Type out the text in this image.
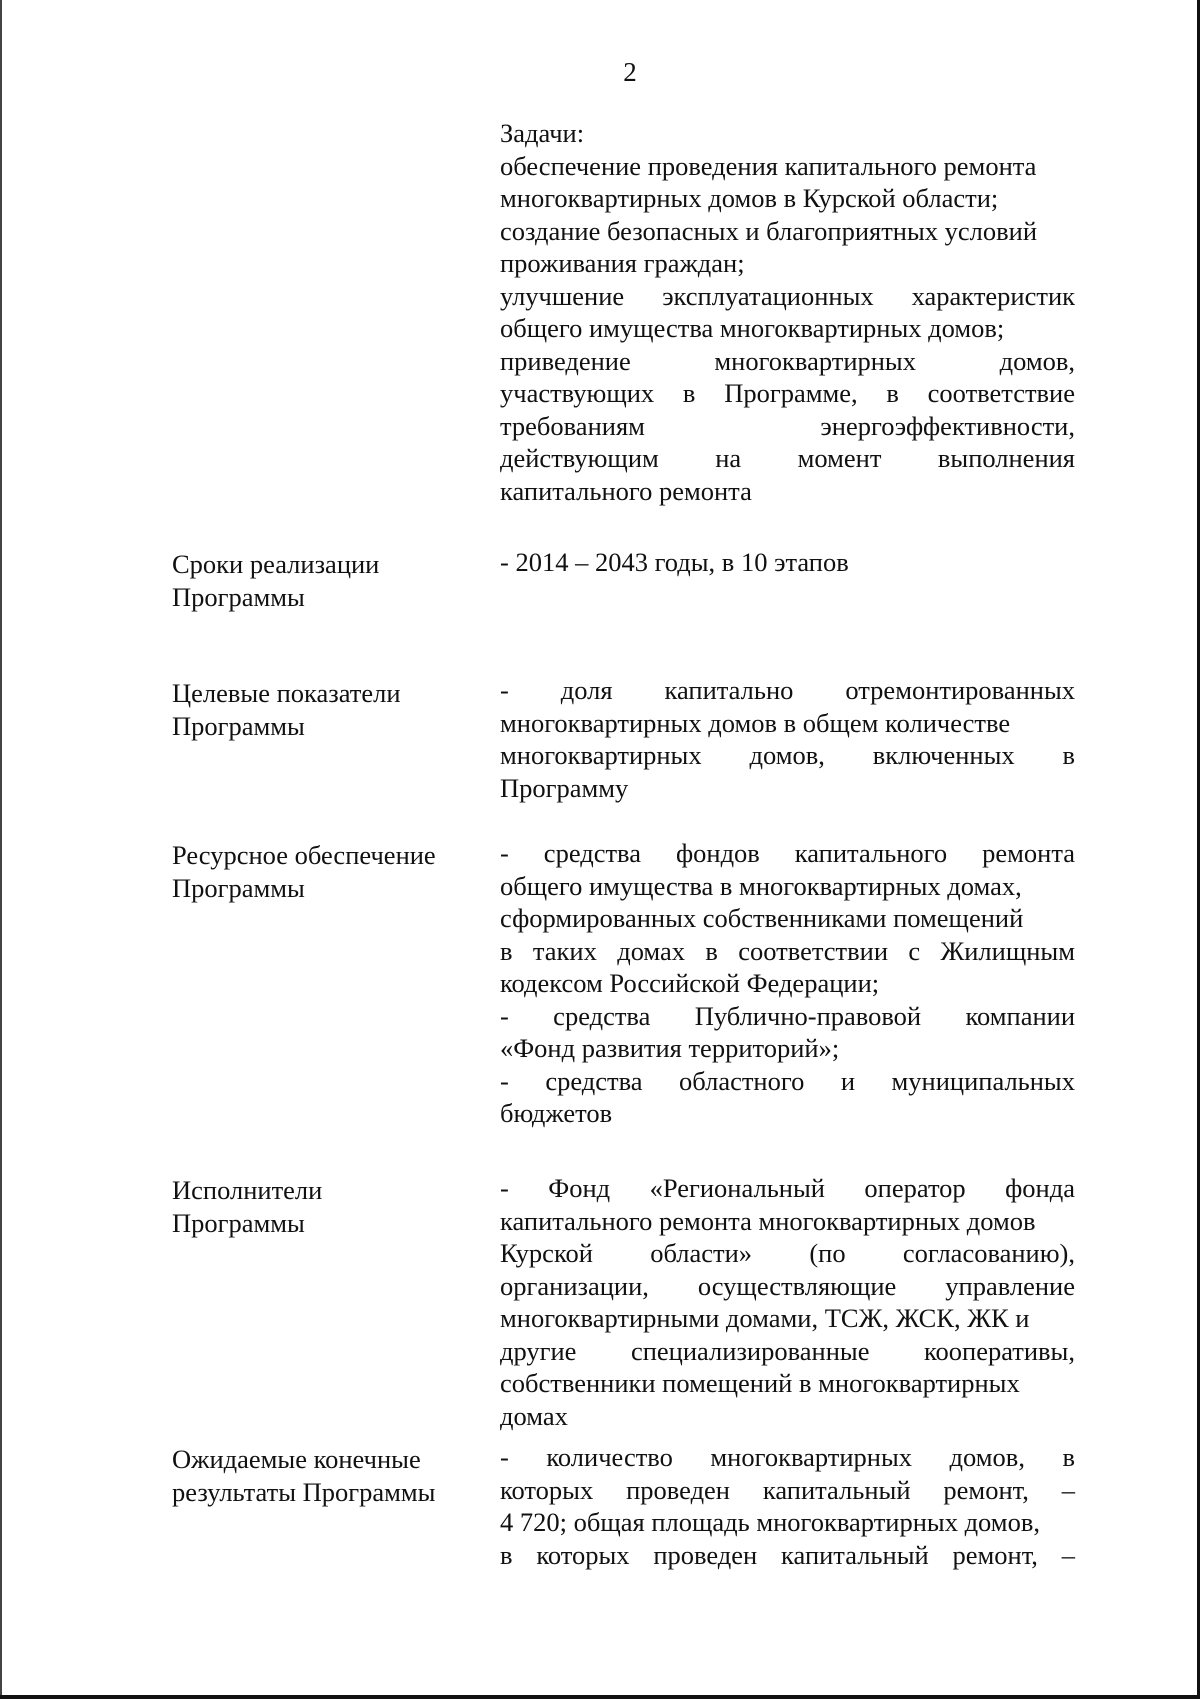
2
Задачи:
обеспечение проведения капитального ремонта
многоквартирных домов в Курской области;
создание безопасных и благоприятных условий
проживания граждан;
улучшение эксплуатационных характеристик
общего имущества многоквартирных домов;
приведение многоквартирных домов,
участвующих в Программе, в соответствие
требованиям энергоэффективности,
действующим на момент выполнения
капитального ремонта
Сроки реализации
Программы
- 2014 – 2043 годы, в 10 этапов
Целевые показатели
Программы
- доля капитально отремонтированных
многоквартирных домов в общем количестве
многоквартирных домов, включенных в
Программу
Ресурсное обеспечение
Программы
- средства фондов капитального ремонта
общего имущества в многоквартирных домах,
сформированных собственниками помещений
в таких домах в соответствии с Жилищным
кодексом Российской Федерации;
- средства Публично-правовой компании
«Фонд развития территорий»;
- средства областного и муниципальных
бюджетов
Исполнители
Программы
- Фонд «Региональный оператор фонда
капитального ремонта многоквартирных домов
Курской области» (по согласованию),
организации, осуществляющие управление
многоквартирными домами, ТСЖ, ЖСК, ЖК и
другие специализированные кооперативы,
собственники помещений в многоквартирных
домах
Ожидаемые конечные
результаты Программы
- количество многоквартирных домов, в
которых проведен капитальный ремонт, –
4 720; общая площадь многоквартирных домов,
в которых проведен капитальный ремонт, –
